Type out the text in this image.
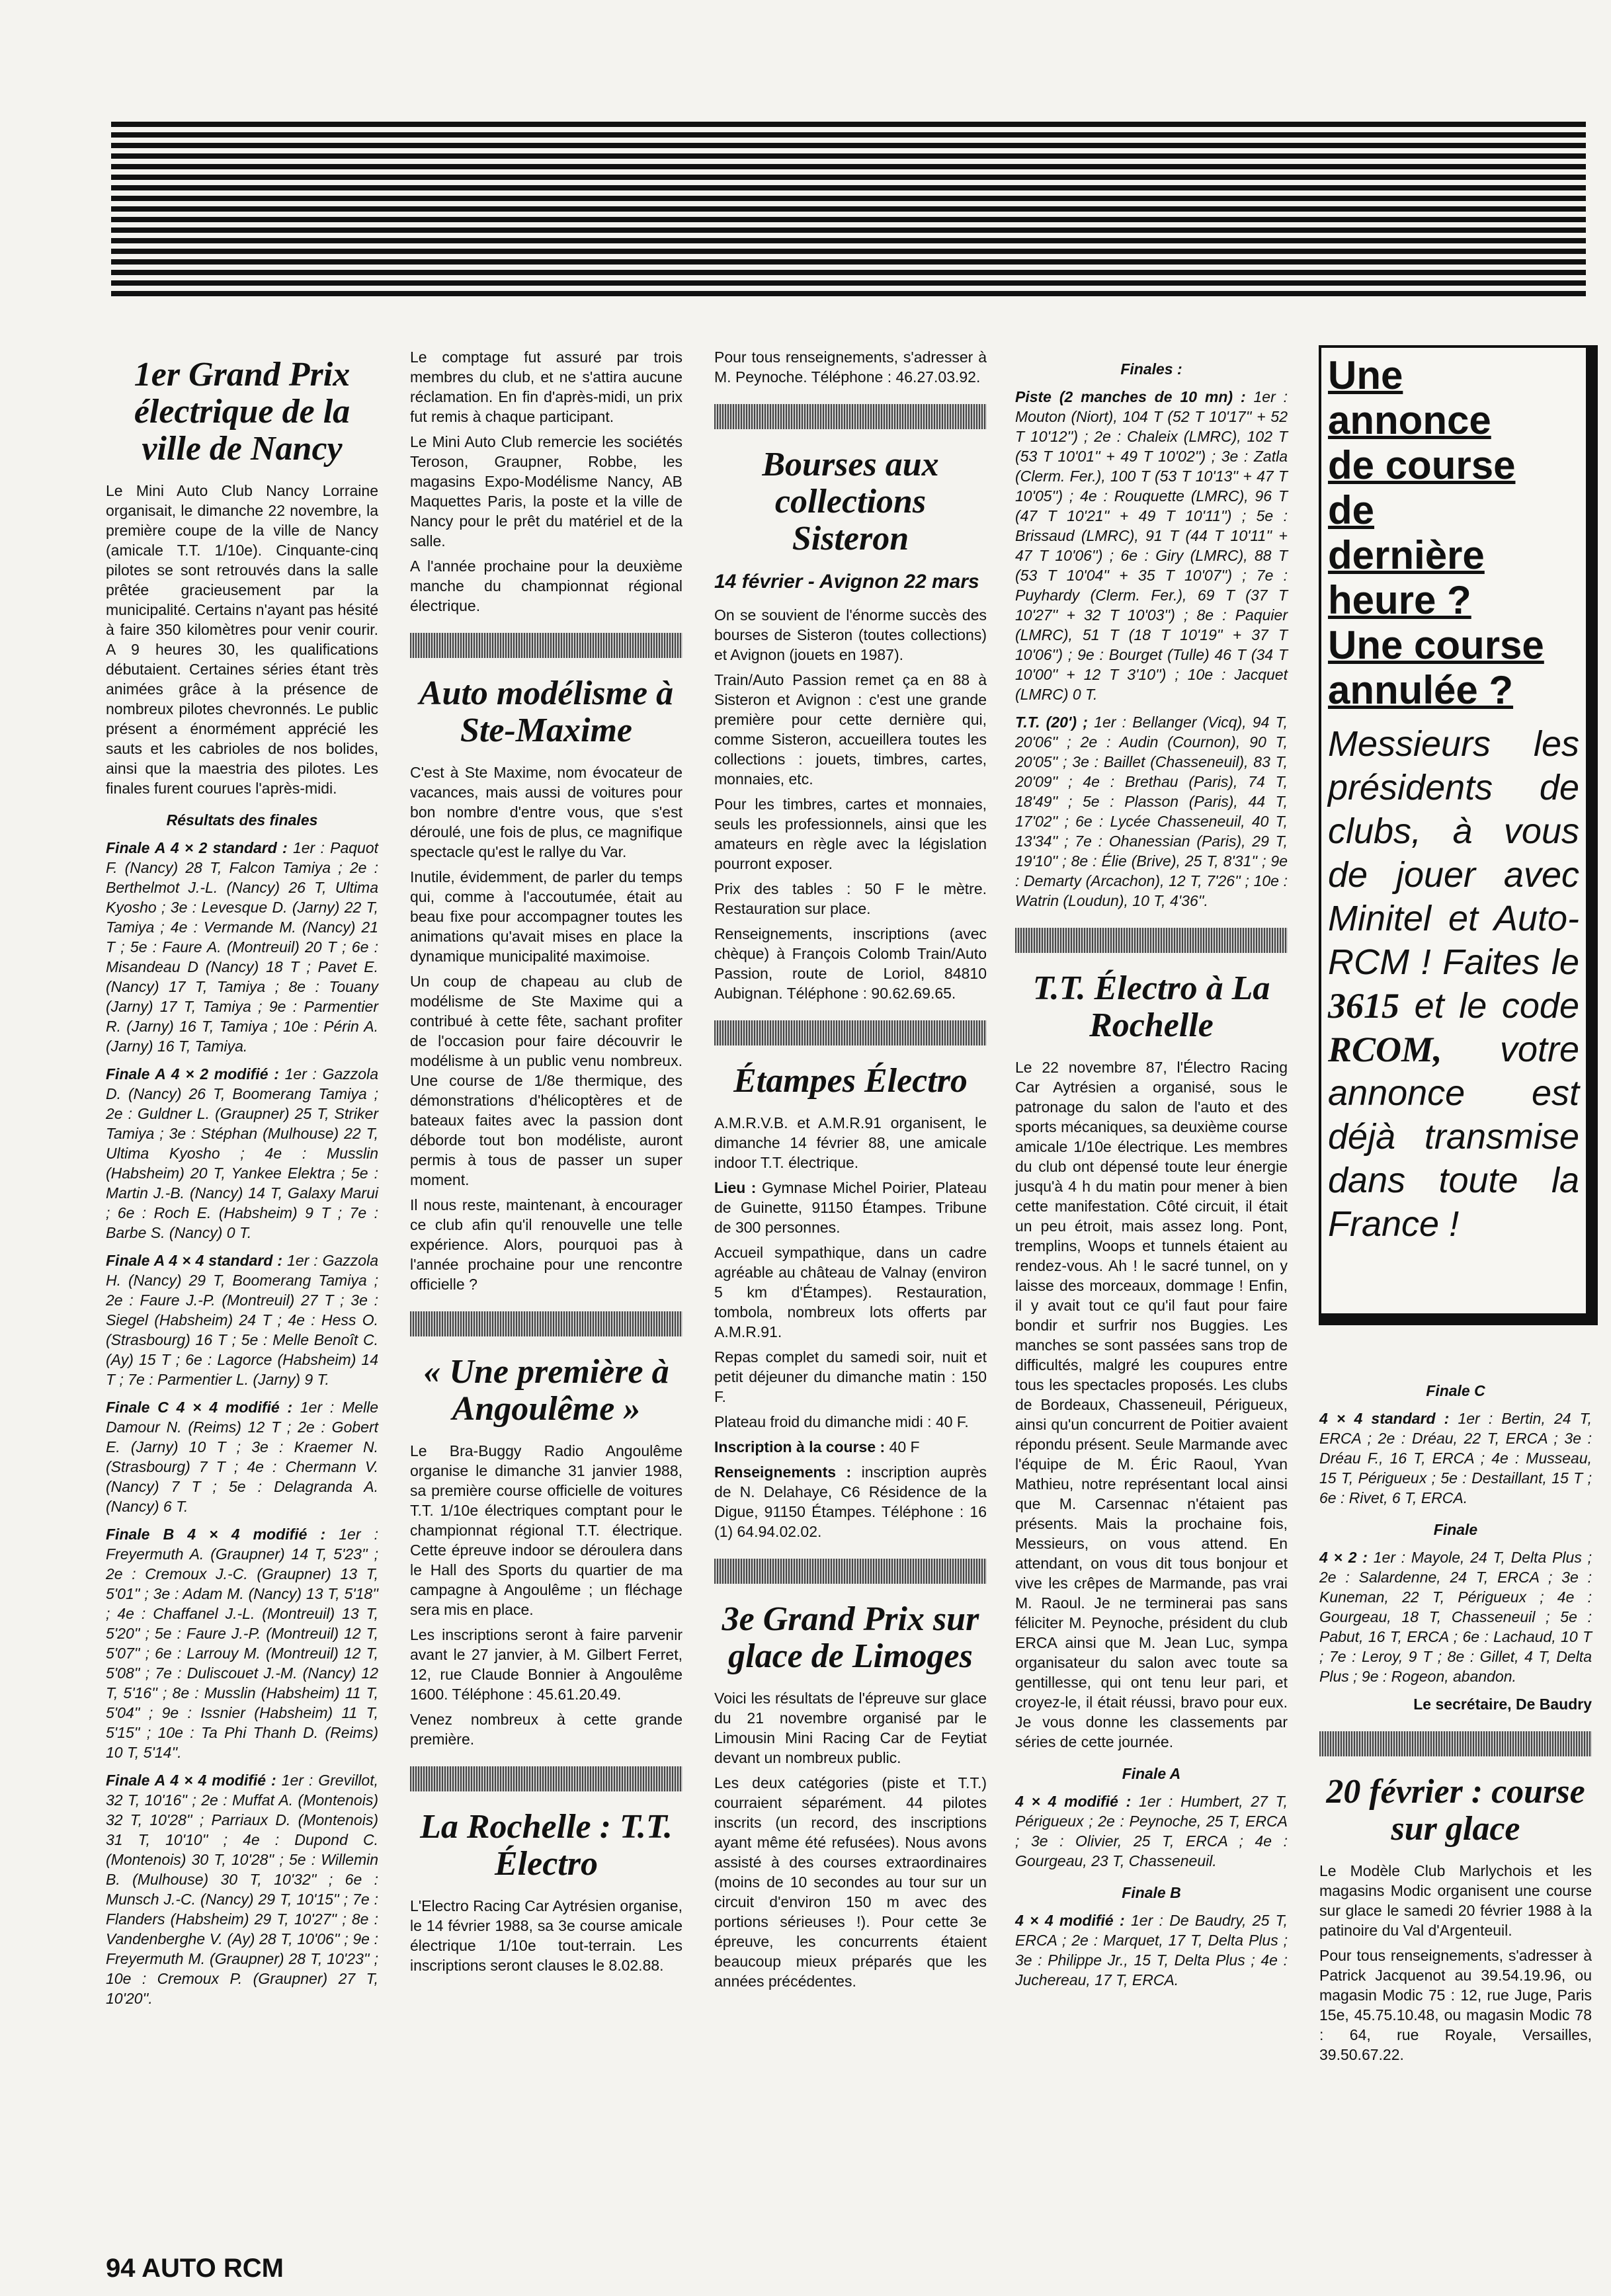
1er Grand Prix électrique de la ville de Nancy

Le Mini Auto Club Nancy Lorraine organisait, le dimanche 22 novembre, la première coupe de la ville de Nancy (amicale T.T. 1/10e). Cinquante-cinq pilotes se sont retrouvés dans la salle prêtée gracieusement par la municipalité. Certains n'ayant pas hésité à faire 350 kilomètres pour venir courir. A 9 heures 30, les qualifications débutaient. Certaines séries étant très animées grâce à la présence de nombreux pilotes chevronnés. Le public présent a énormément apprécié les sauts et les cabrioles de nos bolides, ainsi que la maestria des pilotes. Les finales furent courues l'après-midi.

Résultats des finales
Finale A 4 × 2 standard : 1er : Paquot F. (Nancy) 28 T, Falcon Tamiya ; 2e : Berthelmot J.-L. (Nancy) 26 T, Ultima Kyosho ; 3e : Levesque D. (Jarny) 22 T, Tamiya ; 4e : Vermande M. (Nancy) 21 T ; 5e : Faure A. (Montreuil) 20 T ; 6e : Misandeau D (Nancy) 18 T ; Pavet E. (Nancy) 17 T, Tamiya ; 8e : Touany (Jarny) 17 T, Tamiya ; 9e : Parmentier R. (Jarny) 16 T, Tamiya ; 10e : Périn A. (Jarny) 16 T, Tamiya.
Finale A 4 × 2 modifié : 1er : Gazzola D. (Nancy) 26 T, Boomerang Tamiya ; 2e : Guldner L. (Graupner) 25 T, Striker Tamiya ; 3e : Stéphan (Mulhouse) 22 T, Ultima Kyosho ; 4e : Musslin (Habsheim) 20 T, Yankee Elektra ; 5e : Martin J.-B. (Nancy) 14 T, Galaxy Marui ; 6e : Roch E. (Habsheim) 9 T ; 7e : Barbe S. (Nancy) 0 T.
Finale A 4 × 4 standard : 1er : Gazzola H. (Nancy) 29 T, Boomerang Tamiya ; 2e : Faure J.-P. (Montreuil) 27 T ; 3e : Siegel (Habsheim) 24 T ; 4e : Hess O. (Strasbourg) 16 T ; 5e : Melle Benoît C. (Ay) 15 T ; 6e : Lagorce (Habsheim) 14 T ; 7e : Parmentier L. (Jarny) 9 T.
Finale C 4 × 4 modifié : 1er : Melle Damour N. (Reims) 12 T ; 2e : Gobert E. (Jarny) 10 T ; 3e : Kraemer N. (Strasbourg) 7 T ; 4e : Chermann V. (Nancy) 7 T ; 5e : Delagranda A. (Nancy) 6 T.
Finale B 4 × 4 modifié : 1er : Freyermuth A. (Graupner) 14 T, 5'23'' ; 2e : Cremoux J.-C. (Graupner) 13 T, 5'01'' ; 3e : Adam M. (Nancy) 13 T, 5'18'' ; 4e : Chaffanel J.-L. (Montreuil) 13 T, 5'20'' ; 5e : Faure J.-P. (Montreuil) 12 T, 5'07'' ; 6e : Larrouy M. (Montreuil) 12 T, 5'08'' ; 7e : Duliscouet J.-M. (Nancy) 12 T, 5'16'' ; 8e : Musslin (Habsheim) 11 T, 5'04'' ; 9e : Issnier (Habsheim) 11 T, 5'15'' ; 10e : Ta Phi Thanh D. (Reims) 10 T, 5'14''.
Finale A 4 × 4 modifié : 1er : Grevillot, 32 T, 10'16'' ; 2e : Muffat A. (Montenois) 32 T, 10'28'' ; Parriaux D. (Montenois) 31 T, 10'10'' ; 4e : Dupond C. (Montenois) 30 T, 10'28'' ; 5e : Willemin B. (Mulhouse) 30 T, 10'32'' ; 6e : Munsch J.-C. (Nancy) 29 T, 10'15'' ; 7e : Flanders (Habsheim) 29 T, 10'27'' ; 8e : Vandenberghe V. (Ay) 28 T, 10'06'' ; 9e : Freyermuth M. (Graupner) 28 T, 10'23'' ; 10e : Cremoux P. (Graupner) 27 T, 10'20''.

Le comptage fut assuré par trois membres du club, et ne s'attira aucune réclamation. En fin d'après-midi, un prix fut remis à chaque participant.

Le Mini Auto Club remercie les sociétés Teroson, Graupner, Robbe, les magasins Expo-Modélisme Nancy, AB Maquettes Paris, la poste et la ville de Nancy pour le prêt du matériel et de la salle.

A l'année prochaine pour la deuxième manche du championnat régional électrique.

Auto modélisme à Ste-Maxime

C'est à Ste Maxime, nom évocateur de vacances, mais aussi de voitures pour bon nombre d'entre vous, que s'est déroulé, une fois de plus, ce magnifique spectacle qu'est le rallye du Var.

Inutile, évidemment, de parler du temps qui, comme à l'accoutumée, était au beau fixe pour accompagner toutes les animations qu'avait mises en place la dynamique municipalité maximoise.

Un coup de chapeau au club de modélisme de Ste Maxime qui a contribué à cette fête, sachant profiter de l'occasion pour faire découvrir le modélisme à un public venu nombreux. Une course de 1/8e thermique, des démonstrations d'hélicoptères et de bateaux faites avec la passion dont déborde tout bon modéliste, auront permis à tous de passer un super moment.

Il nous reste, maintenant, à encourager ce club afin qu'il renouvelle une telle expérience. Alors, pourquoi pas à l'année prochaine pour une rencontre officielle ?

« Une première à Angoulême »

Le Bra-Buggy Radio Angoulême organise le dimanche 31 janvier 1988, sa première course officielle de voitures T.T. 1/10e électriques comptant pour le championnat régional T.T. électrique. Cette épreuve indoor se déroulera dans le Hall des Sports du quartier de ma campagne à Angoulême ; un fléchage sera mis en place.

Les inscriptions seront à faire parvenir avant le 27 janvier, à M. Gilbert Ferret, 12, rue Claude Bonnier à Angoulême 1600. Téléphone : 45.61.20.49.

Venez nombreux à cette grande première.

La Rochelle : T.T. Électro

L'Electro Racing Car Aytrésien organise, le 14 février 1988, sa 3e course amicale électrique 1/10e tout-terrain. Les inscriptions seront clauses le 8.02.88.

Pour tous renseignements, s'adresser à M. Peynoche. Téléphone : 46.27.03.92.

Bourses aux collections Sisteron
14 février - Avignon 22 mars

On se souvient de l'énorme succès des bourses de Sisteron (toutes collections) et Avignon (jouets en 1987).

Train/Auto Passion remet ça en 88 à Sisteron et Avignon : c'est une grande première pour cette dernière qui, comme Sisteron, accueillera toutes les collections : jouets, timbres, cartes, monnaies, etc.

Pour les timbres, cartes et monnaies, seuls les professionnels, ainsi que les amateurs en règle avec la législation pourront exposer.

Prix des tables : 50 F le mètre. Restauration sur place.

Renseignements, inscriptions (avec chèque) à François Colomb Train/Auto Passion, route de Loriol, 84810 Aubignan. Téléphone : 90.62.69.65.

Étampes Électro

A.M.R.V.B. et A.M.R.91 organisent, le dimanche 14 février 88, une amicale indoor T.T. électrique.

Lieu : Gymnase Michel Poirier, Plateau de Guinette, 91150 Étampes. Tribune de 300 personnes.

Accueil sympathique, dans un cadre agréable au château de Valnay (environ 5 km d'Étampes). Restauration, tombola, nombreux lots offerts par A.M.R.91.

Repas complet du samedi soir, nuit et petit déjeuner du dimanche matin : 150 F.

Plateau froid du dimanche midi : 40 F.

Inscription à la course : 40 F

Renseignements : inscription auprès de N. Delahaye, C6 Résidence de la Digue, 91150 Étampes. Téléphone : 16 (1) 64.94.02.02.

3e Grand Prix sur glace de Limoges

Voici les résultats de l'épreuve sur glace du 21 novembre organisé par le Limousin Mini Racing Car de Feytiat devant un nombreux public.

Les deux catégories (piste et T.T.) courraient séparément. 44 pilotes inscrits (un record, des inscriptions ayant même été refusées). Nous avons assisté à des courses extraordinaires (moins de 10 secondes au tour sur un circuit d'environ 150 m avec des portions sérieuses !). Pour cette 3e épreuve, les concurrents étaient beaucoup mieux préparés que les années précédentes.

Finales :
Piste (2 manches de 10 mn) : 1er : Mouton (Niort), 104 T (52 T 10'17'' + 52 T 10'12'') ; 2e : Chaleix (LMRC), 102 T (53 T 10'01'' + 49 T 10'02'') ; 3e : Zatla (Clerm. Fer.), 100 T (53 T 10'13'' + 47 T 10'05'') ; 4e : Rouquette (LMRC), 96 T (47 T 10'21'' + 49 T 10'11'') ; 5e : Brissaud (LMRC), 91 T (44 T 10'11'' + 47 T 10'06'') ; 6e : Giry (LMRC), 88 T (53 T 10'04'' + 35 T 10'07'') ; 7e : Puyhardy (Clerm. Fer.), 69 T (37 T 10'27'' + 32 T 10'03'') ; 8e : Paquier (LMRC), 51 T (18 T 10'19'' + 37 T 10'06'') ; 9e : Bourget (Tulle) 46 T (34 T 10'00'' + 12 T 3'10'') ; 10e : Jacquet (LMRC) 0 T.
T.T. (20') ; 1er : Bellanger (Vicq), 94 T, 20'06'' ; 2e : Audin (Cournon), 90 T, 20'05'' ; 3e : Baillet (Chasseneuil), 83 T, 20'09'' ; 4e : Brethau (Paris), 74 T, 18'49'' ; 5e : Plasson (Paris), 44 T, 17'02'' ; 6e : Lycée Chasseneuil, 40 T, 13'34'' ; 7e : Ohanessian (Paris), 29 T, 19'10'' ; 8e : Élie (Brive), 25 T, 8'31'' ; 9e : Demarty (Arcachon), 12 T, 7'26'' ; 10e : Watrin (Loudun), 10 T, 4'36''.
T.T. Électro à La Rochelle

Le 22 novembre 87, l'Électro Racing Car Aytrésien a organisé, sous le patronage du salon de l'auto et des sports mécaniques, sa deuxième course amicale 1/10e électrique. Les membres du club ont dépensé toute leur énergie jusqu'à 4 h du matin pour mener à bien cette manifestation. Côté circuit, il était un peu étroit, mais assez long. Pont, tremplins, Woops et tunnels étaient au rendez-vous. Ah ! le sacré tunnel, on y laisse des morceaux, dommage ! Enfin, il y avait tout ce qu'il faut pour faire bondir et surfrir nos Buggies. Les manches se sont passées sans trop de difficultés, malgré les coupures entre tous les spectacles proposés. Les clubs de Bordeaux, Chasseneuil, Périgueux, ainsi qu'un concurrent de Poitier avaient répondu présent. Seule Marmande avec l'équipe de M. Éric Raoul, Yvan Mathieu, notre représentant local ainsi que M. Carsennac n'étaient pas présents. Mais la prochaine fois, Messieurs, on vous attend. En attendant, on vous dit tous bonjour et vive les crêpes de Marmande, pas vrai M. Raoul. Je ne terminerai pas sans féliciter M. Peynoche, président du club ERCA ainsi que M. Jean Luc, sympa organisateur du salon avec toute sa gentillesse, qui ont tenu leur pari, et croyez-le, il était réussi, bravo pour eux. Je vous donne les classements par séries de cette journée.

Finale A
4 × 4 modifié : 1er : Humbert, 27 T, Périgueux ; 2e : Peynoche, 25 T, ERCA ; 3e : Olivier, 25 T, ERCA ; 4e : Gourgeau, 23 T, Chasseneuil.
Finale B
4 × 4 modifié : 1er : De Baudry, 25 T, ERCA ; 2e : Marquet, 17 T, Delta Plus ; 3e : Philippe Jr., 15 T, Delta Plus ; 4e : Juchereau, 17 T, ERCA.
Une
annonce
de course
de
dernière
heure ?
Une course
annulée ?
Messieurs les présidents de clubs, à vous de jouer avec Minitel et Auto-RCM ! Faites le 3615 et le code RCOM, votre annonce est déjà transmise dans toute la France !
Finale C
4 × 4 standard : 1er : Bertin, 24 T, ERCA ; 2e : Dréau, 22 T, ERCA ; 3e : Dréau F., 16 T, ERCA ; 4e : Musseau, 15 T, Périgueux ; 5e : Destaillant, 15 T ; 6e : Rivet, 6 T, ERCA.
Finale
4 × 2 : 1er : Mayole, 24 T, Delta Plus ; 2e : Salardenne, 24 T, ERCA ; 3e : Kuneman, 22 T, Périgueux ; 4e : Gourgeau, 18 T, Chasseneuil ; 5e : Pabut, 16 T, ERCA ; 6e : Lachaud, 10 T ; 7e : Leroy, 9 T ; 8e : Gillet, 4 T, Delta Plus ; 9e : Rogeon, abandon.
Le secrétaire, De Baudry
20 février : course sur glace

Le Modèle Club Marlychois et les magasins Modic organisent une course sur glace le samedi 20 février 1988 à la patinoire du Val d'Argenteuil.

Pour tous renseignements, s'adresser à Patrick Jacquenot au 39.54.19.96, ou magasin Modic 75 : 12, rue Juge, Paris 15e, 45.75.10.48, ou magasin Modic 78 : 64, rue Royale, Versailles, 39.50.67.22.

94 AUTO RCM
